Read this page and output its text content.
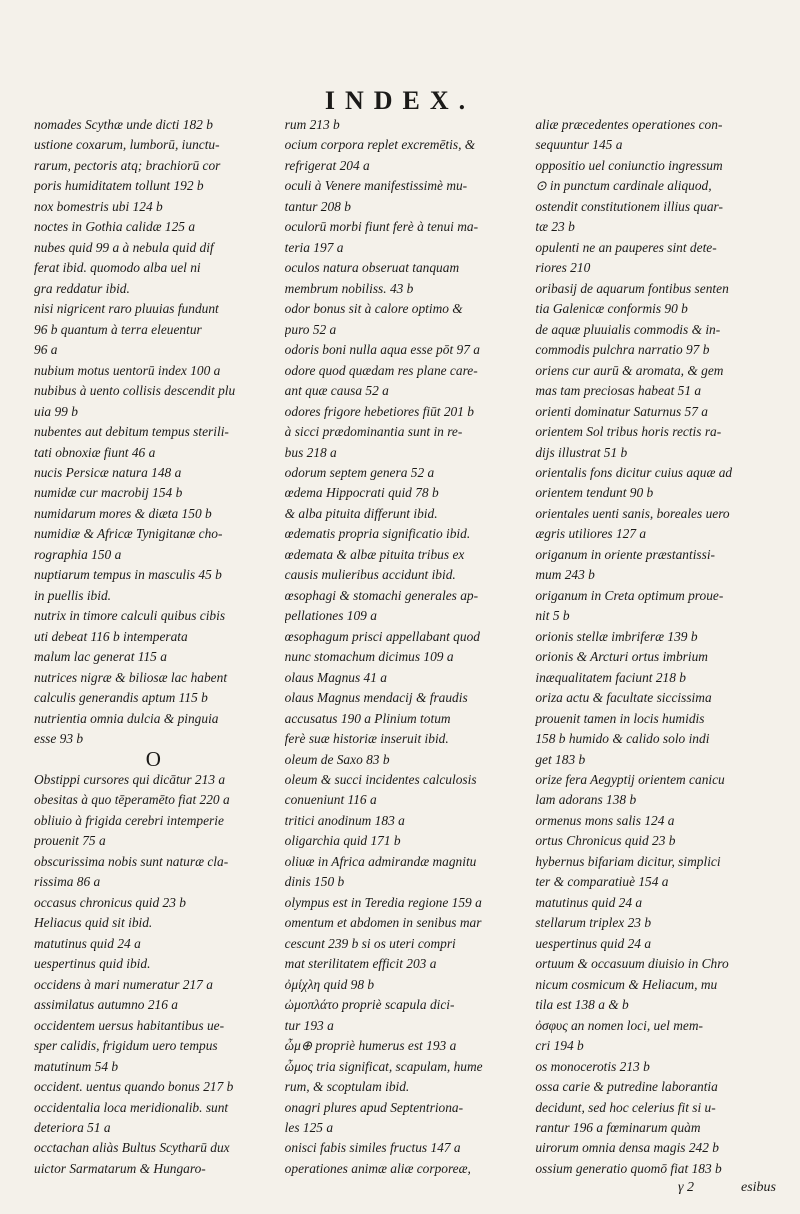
INDEX.
nomades Scythæ unde dicti 182 b
ustione coxarum, lumborū, iunctu-
rarum, pectoris atq; brachiorū cor
poris humiditatem tollunt 192 b
nox bomestris ubi 124 b
noctes in Gothia calidæ 125 a
nubes quid 99 a à nebula quid dif
ferat ibid. quomodo alba uel ni
gra reddatur ibid.
nisi nigricent raro pluuias fundunt
96 b quantum à terra eleuentur
96 a
nubium motus uentorū index 100 a
nubibus à uento collisis descendit plu
uia 99 b
nubentes aut debitum tempus sterili-
tati obnoxiæ fiunt 46 a
nucis Persicæ natura 148 a
numidæ cur macrobij 154 b
numidarum mores & diæta 150 b
numidiæ & Africæ Tynigitanæ cho-
rographia 150 a
nuptiarum tempus in masculis 45 b
in puellis ibid.
nutrix in timore calculi quibus cibis
uti debeat 116 b intemperata
malum lac generat 115 a
nutrices nigræ & biliosæ lac habent
calculis generandis aptum 115 b
nutrientia omnia dulcia & pinguia
esse 93 b
O
Obstippi cursores qui dicātur 213 a
obesitas à quo tēperamēto fiat 220 a
obliuio à frigida cerebri intemperie
prouenit 75 a
obscurissima nobis sunt naturæ cla-
rissima 86 a
occasus chronicus quid 23 b
Heliacus quid sit ibid.
matutinus quid 24 a
uespertinus quid ibid.
occidens à mari numeratur 217 a
assimilatus autumno 216 a
occidentem uersus habitantibus ue-
sper calidis, frigidum uero tempus
matutinum 54 b
occident. uentus quando bonus 217 b
occidentalia loca meridionalib. sunt
deteriora 51 a
occtachan aliàs Bultus Scytharū dux
uictor Sarmatarum & Hungaro-
rum 213 b
ocium corpora replet excremētis, &
refrigerat 204 a
oculi à Venere manifestissimè mu-
tantur 208 b
oculorū morbi fiunt ferè à tenui ma-
teria 197 a
oculos natura obseruat tanquam
membrum nobiliss. 43 b
odor bonus sit à calore optimo &
puro 52 a
odoris boni nulla aqua esse pōt 97 a
odore quod quædam res plane care-
ant quæ causa 52 a
odores frigore hebetiores fiūt 201 b
à sicci prædominantia sunt in re-
bus 218 a
odorum septem genera 52 a
œdema Hippocrati quid 78 b
& alba pituita differunt ibid.
œdematis propria significatio ibid.
œdemata & albæ pituita tribus ex
causis mulieribus accidunt ibid.
œsophagi & stomachi generales ap-
pellationes 109 a
œsophagum prisci appellabant quod
nunc stomachum dicimus 109 a
olaus Magnus 41 a
olaus Magnus mendacij & fraudis
accusatus 190 a Plinium totum
ferè suæ historiæ inseruit ibid.
oleum de Saxo 83 b
oleum & succi incidentes calculosis
conueniunt 116 a
tritici anodinum 183 a
oligarchia quid 171 b
oliuæ in Africa admirandæ magnitu
dinis 150 b
olympus est in Teredia regione 159 a
omentum et abdomen in senibus mar
cescunt 239 b si os uteri compri
mat sterilitatem efficit 203 a
ὀμίχλη quid 98 b
ὠμοπλάτο propriè scapula dici-
tur 193 a
ὦμ⊕ propriè humerus est 193 a
ὦμος tria significat, scapulam, hume
rum, & scoptulam ibid.
onagri plures apud Septentriona-
les 125 a
onisci fabis similes fructus 147 a
operationes animæ aliæ corporeæ,
aliæ præcedentes operationes con-
sequuntur 145 a
oppositio uel coniunctio ingressum
⊙ in punctum cardinale aliquod,
ostendit constitutionem illius quar-
tæ 23 b
opulenti ne an pauperes sint dete-
riores 210
oribasij de aquarum fontibus senten
tia Galenicæ conformis 90 b
de aquæ pluuialis commodis & in-
commodis pulchra narratio 97 b
oriens cur aurū & aromata, & gem
mas tam preciosas habeat 51 a
orienti dominatur Saturnus 57 a
orientem Sol tribus horis rectis ra-
dijs illustrat 51 b
orientalis fons dicitur cuius aquæ ad
orientem tendunt 90 b
orientales uenti sanis, boreales uero
ægris utiliores 127 a
origanum in oriente præstantissi-
mum 243 b
origanum in Creta optimum proue-
nit 5 b
orionis stellæ imbriferæ 139 b
orionis & Arcturi ortus imbrium
inæqualitatem faciunt 218 b
oriza actu & facultate siccissima
prouenit tamen in locis humidis
158 b humido & calido solo indi
get 183 b
orize fera Aegyptij orientem canicu
lam adorans 138 b
ormenus mons salis 124 a
ortus Chronicus quid 23 b
hybernus bifariam dicitur, simplici
ter & comparatiuè 154 a
matutinus quid 24 a
stellarum triplex 23 b
uespertinus quid 24 a
ortuum & occasuum diuisio in Chro
nicum cosmicum & Heliacum, mu
tila est 138 a & b
ὀσφυς an nomen loci, uel mem-
cri 194 b
os monocerotis 213 b
ossa carie & putredine laborantia
decidunt, sed hoc celerius fit si u-
rantur 196 a fœminarum quàm
uirorum omnia densa magis 242 b
ossium generatio quomō fiat 183 b
γ 2	esibus
